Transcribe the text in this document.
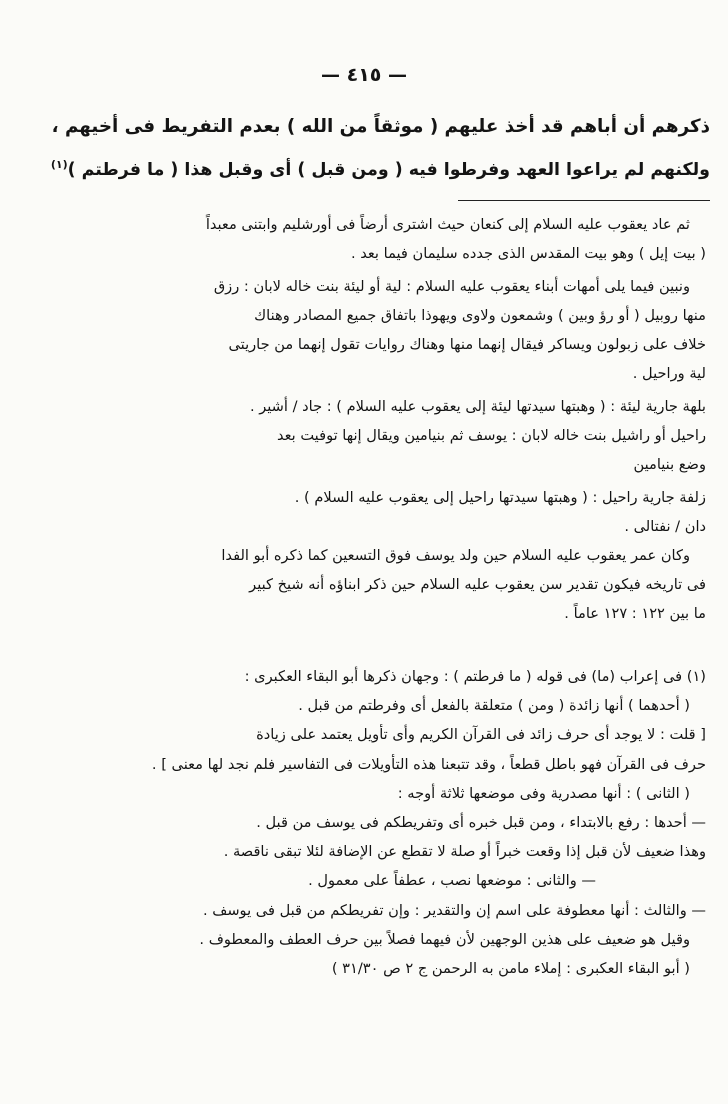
— ٤١٥ —

ذكرهم أن أباهم قد أخذ عليهم ( موثقاً من الله ) بعدم التفريط فى أخيهم ،

ولكنهم لم يراعوا العهد وفرطوا فيه ( ومن قبل ) أى وقبل هذا ( ما فرطتم )$^{(١)}$

ثم عاد يعقوب عليه السلام إلى كنعان حيث اشترى أرضاً فى أورشليم وابتنى معبداً

( بيت إيل ) وهو بيت المقدس الذى جدده سليمان فيما بعد .

ونبين فيما يلى أمهات أبناء يعقوب عليه السلام : لية أو ليئة بنت خاله لابان : رزق

منها روبيل ( أو رؤ وبين ) وشمعون ولاوى ويهوذا باتفاق جميع المصادر وهناك

خلاف على زبولون ويساكر فيقال إنهما منها وهناك روايات تقول إنهما من جاريتى

لية وراحيل .

بلهة جارية ليئة : ( وهبتها سيدتها ليئة إلى يعقوب عليه السلام ) : جاد / أشير .

راحيل أو راشيل بنت خاله لابان : يوسف ثم بنيامين ويقال إنها توفيت بعد

وضع بنيامين

زلفة جارية راحيل : ( وهبتها سيدتها راحيل إلى يعقوب عليه السلام ) .

دان / نفتالى .

وكان عمر يعقوب عليه السلام حين ولد يوسف فوق التسعين كما ذكره أبو الفدا

فى تاريخه فيكون تقدير سن يعقوب عليه السلام حين ذكر ابناؤه أنه شيخ كبير

ما بين ١٢٢ : ١٢٧ عاماً .

(١) فى إعراب (ما) فى قوله ( ما فرطتم ) : وجهان ذكرها أبو البقاء العكبرى :

( أحدهما ) أنها زائدة ( ومن ) متعلقة بالفعل أى وفرطتم من قبل .

[ قلت : لا يوجد أى حرف زائد فى القرآن الكريم وأى تأويل يعتمد على زيادة

حرف فى القرآن فهو باطل قطعاً ، وقد تتبعنا هذه التأويلات فى التفاسير فلم نجد لها معنى ] .

( الثانى ) : أنها مصدرية وفى موضعها ثلاثة أوجه :

— أحدها : رفع بالابتداء ، ومن قبل خبره أى وتفريطكم فى يوسف من قبل .

وهذا ضعيف لأن قبل إذا وقعت خبراً أو صلة لا تقطع عن الإضافة لئلا تبقى ناقصة .

— والثانى : موضعها نصب ، عطفاً على معمول .

— والثالث : أنها معطوفة على اسم إن والتقدير : وإن تفريطكم من قبل فى يوسف .

وقيل هو ضعيف على هذين الوجهين لأن فيهما فصلاً بين حرف العطف والمعطوف .

( أبو البقاء العكبرى : إملاء مامن به الرحمن ج ٢ ص ٣١/٣٠ )
